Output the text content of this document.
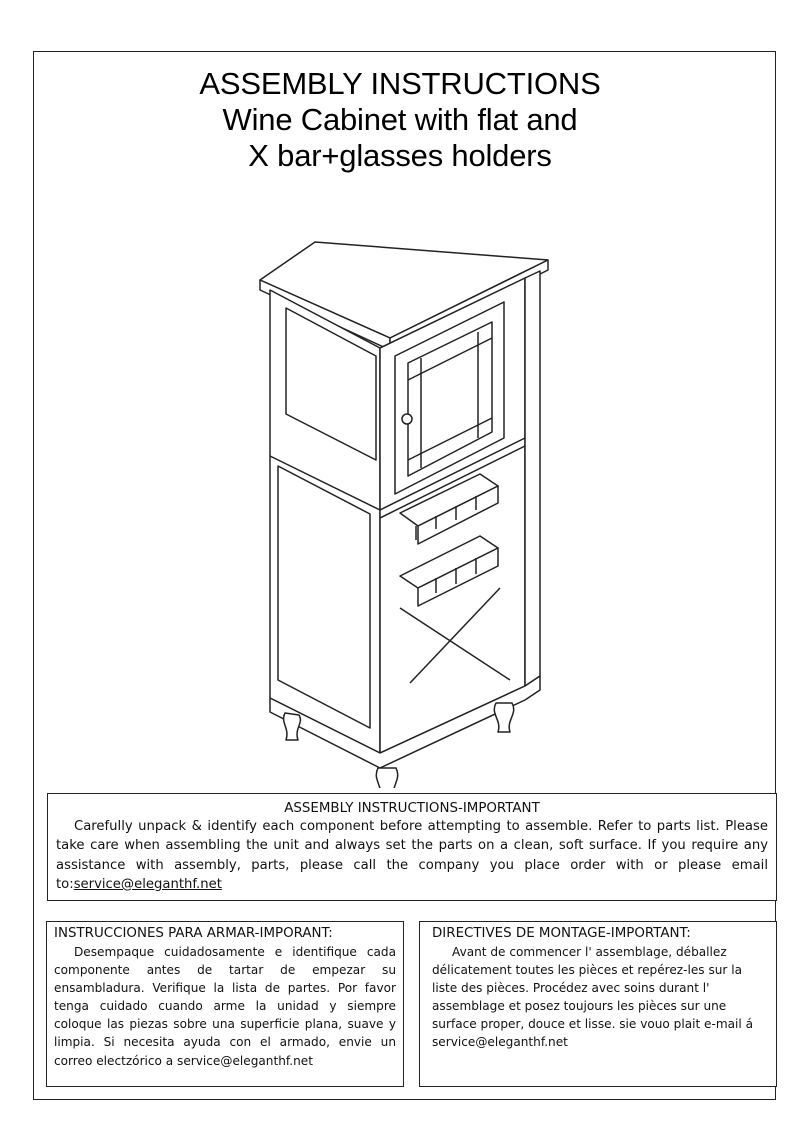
ASSEMBLY INSTRUCTIONS
Wine Cabinet with flat and
X bar+glasses holders
ASSEMBLY INSTRUCTIONS-IMPORTANT

Carefully unpack & identify each component before attempting to assemble. Refer to parts list. Please take care when assembling the unit and always set the parts on a clean, soft surface. If you require any assistance with assembly, parts, please call the company you place order with or please email to:service@eleganthf.net

INSTRUCCIONES PARA ARMAR-IMPORANT:

Desempaque cuidadosamente e identifique cada componente antes de tartar de empezar su ensambladura. Verifique la lista de partes. Por favor tenga cuidado cuando arme la unidad y siempre coloque las piezas sobre una superficie plana, suave y limpia. Si necesita ayuda con el armado, envie un correo electzórico a service@eleganthf.net

DIRECTIVES DE MONTAGE-IMPORTANT:

Avant de commencer l' assemblage, déballez délicatement toutes les pièces et repérez-les sur la liste des pièces. Procédez avec soins durant l' assemblage et posez toujours les pièces sur une surface proper, douce et lisse. sie vouo plait e-mail á service@eleganthf.net
